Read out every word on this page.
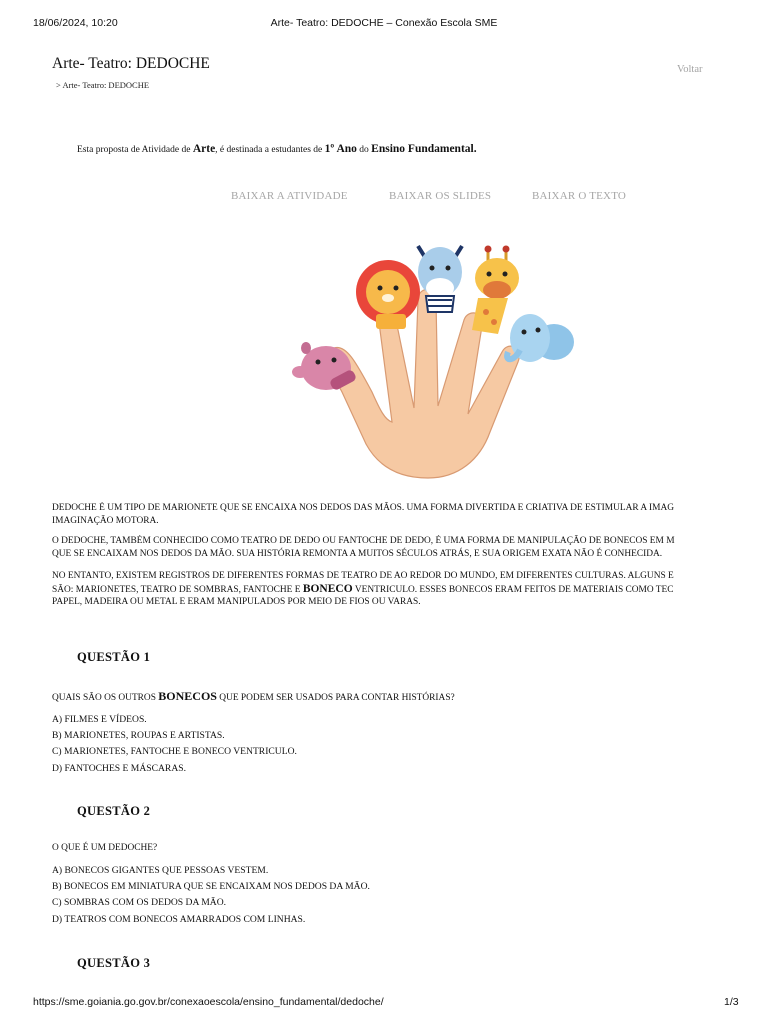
18/06/2024, 10:20	Arte- Teatro: DEDOCHE – Conexão Escola SME
Arte- Teatro: DEDOCHE	Voltar
> Arte- Teatro: DEDOCHE
Esta proposta de Atividade de Arte, é destinada a estudantes de 1º Ano do Ensino Fundamental.
BAIXAR A ATIVIDADE	BAIXAR OS SLIDES	BAIXAR O TEXTO
DEDOCHE É UM TIPO DE MARIONETE QUE SE ENCAIXA NOS DEDOS DAS MÃOS. UMA FORMA DIVERTIDA E CRIATIVA DE ESTIMULAR A IMAG
IMAGINAÇÃO MOTORA.
O DEDOCHE, TAMBÉM CONHECIDO COMO TEATRO DE DEDO OU FANTOCHE DE DEDO, É UMA FORMA DE MANIPULAÇÃO DE BONECOS EM M
QUE SE ENCAIXAM NOS DEDOS DA MÃO. SUA HISTÓRIA REMONTA A MUITOS SÉCULOS ATRÁS, E SUA ORIGEM EXATA NÃO É CONHECIDA.
NO ENTANTO, EXISTEM REGISTROS DE DIFERENTES FORMAS DE TEATRO DE AO REDOR DO MUNDO, EM DIFERENTES CULTURAS. ALGUNS E
SÃO: MARIONETES, TEATRO DE SOMBRAS, FANTOCHE E BONECO VENTRICULO. ESSES BONECOS ERAM FEITOS DE MATERIAIS COMO TEC
PAPEL, MADEIRA OU METAL E ERAM MANIPULADOS POR MEIO DE FIOS OU VARAS.
QUESTÃO 1
QUAIS SÃO OS OUTROS BONECOS QUE PODEM SER USADOS PARA CONTAR HISTÓRIAS?
A) FILMES E VÍDEOS.
B) MARIONETES, ROUPAS E ARTISTAS.
C) MARIONETES, FANTOCHE E BONECO VENTRICULO.
D) FANTOCHES E MÁSCARAS.
QUESTÃO 2
O QUE É UM DEDOCHE?
A) BONECOS GIGANTES QUE PESSOAS VESTEM.
B) BONECOS EM MINIATURA QUE SE ENCAIXAM NOS DEDOS DA MÃO.
C) SOMBRAS COM OS DEDOS DA MÃO.
D) TEATROS COM BONECOS AMARRADOS COM LINHAS.
QUESTÃO 3
https://sme.goiania.go.gov.br/conexaoescola/ensino_fundamental/dedoche/	1/3
